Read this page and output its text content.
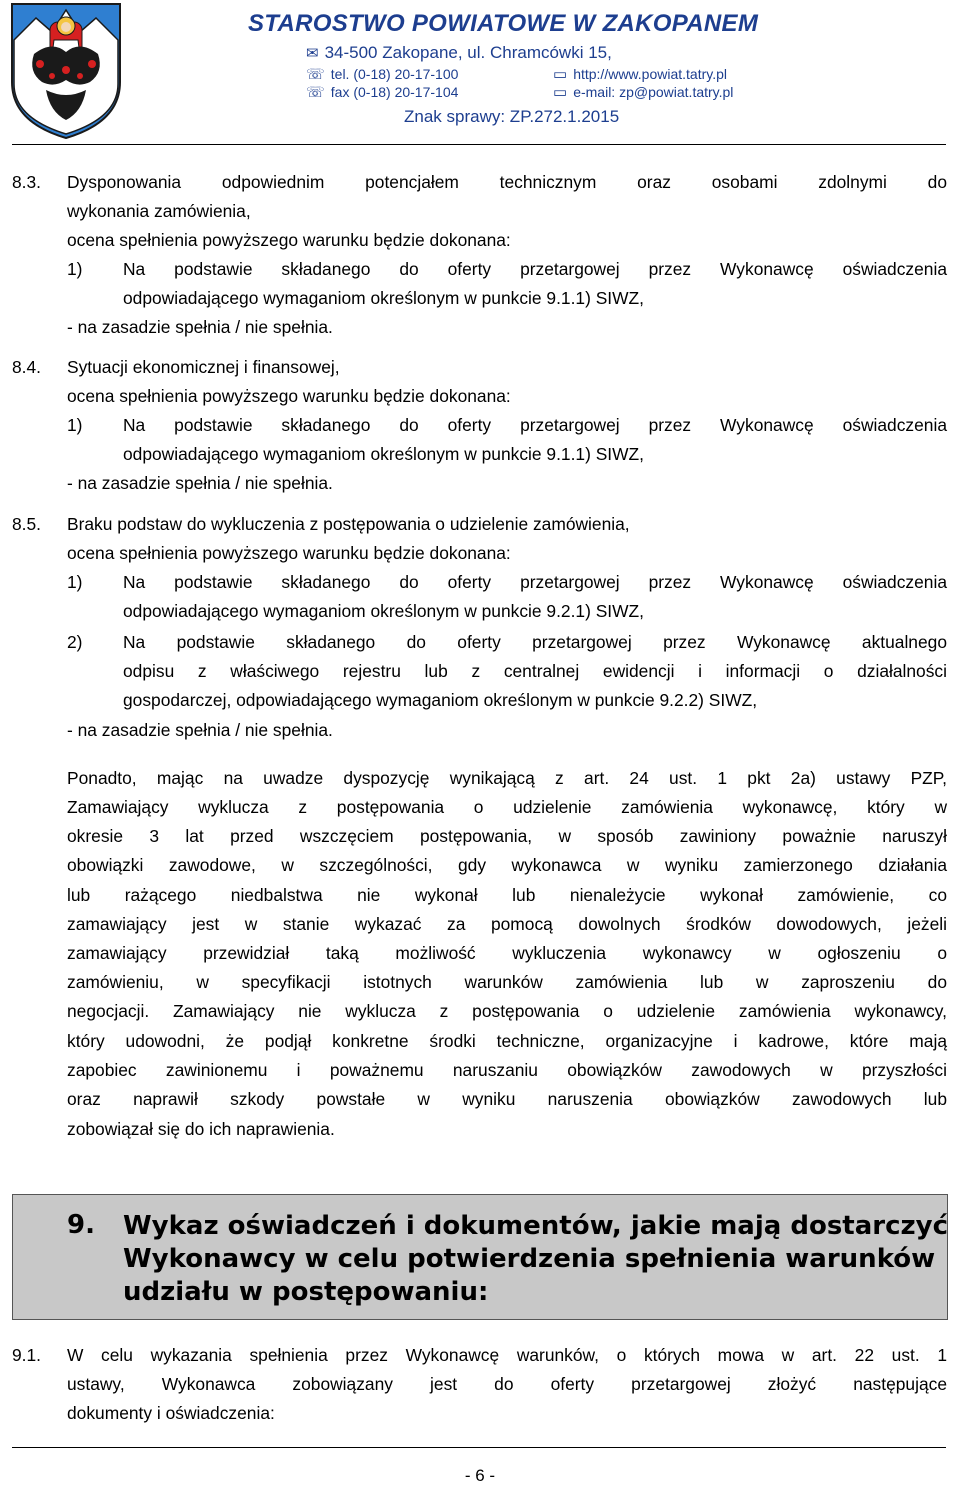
STAROSTWO POWIATOWE W ZAKOPANEM
✉ 34-500 Zakopane, ul. Chramcówki 15,
☏ tel. (0-18) 20-17-100
☏ fax (0-18) 20-17-104
▭ http://www.powiat.tatry.pl
▭ e-mail: zp@powiat.tatry.pl
Znak sprawy: ZP.272.1.2015
8.3. Dysponowania odpowiednim potencjałem technicznym oraz osobami zdolnymi do
wykonania zamówienia,
ocena spełnienia powyższego warunku będzie dokonana:
1) Na podstawie składanego do oferty przetargowej przez Wykonawcę oświadczenia
odpowiadającego wymaganiom określonym w punkcie 9.1.1) SIWZ,
- na zasadzie spełnia / nie spełnia.
8.4. Sytuacji ekonomicznej i finansowej,
ocena spełnienia powyższego warunku będzie dokonana:
1) Na podstawie składanego do oferty przetargowej przez Wykonawcę oświadczenia
odpowiadającego wymaganiom określonym w punkcie 9.1.1) SIWZ,
- na zasadzie spełnia / nie spełnia.
8.5. Braku podstaw do wykluczenia z postępowania o udzielenie zamówienia,
ocena spełnienia powyższego warunku będzie dokonana:
1) Na podstawie składanego do oferty przetargowej przez Wykonawcę oświadczenia
odpowiadającego wymaganiom określonym w punkcie 9.2.1) SIWZ,
2) Na podstawie składanego do oferty przetargowej przez Wykonawcę aktualnego
odpisu z właściwego rejestru lub z centralnej ewidencji i informacji o działalności
gospodarczej, odpowiadającego wymaganiom określonym w punkcie 9.2.2) SIWZ,
- na zasadzie spełnia / nie spełnia.
Ponadto, mając na uwadze dyspozycję wynikającą z art. 24 ust. 1 pkt 2a) ustawy PZP,
Zamawiający wyklucza z postępowania o udzielenie zamówienia wykonawcę, który w
okresie 3 lat przed wszczęciem postępowania, w sposób zawiniony poważnie naruszył
obowiązki zawodowe, w szczególności, gdy wykonawca w wyniku zamierzonego działania
lub rażącego niedbalstwa nie wykonał lub nienależycie wykonał zamówienie, co
zamawiający jest w stanie wykazać za pomocą dowolnych środków dowodowych, jeżeli
zamawiający przewidział taką możliwość wykluczenia wykonawcy w ogłoszeniu o
zamówieniu, w specyfikacji istotnych warunków zamówienia lub w zaproszeniu do
negocjacji. Zamawiający nie wyklucza z postępowania o udzielenie zamówienia wykonawcy,
który udowodni, że podjął konkretne środki techniczne, organizacyjne i kadrowe, które mają
zapobiec zawinionemu i poważnemu naruszaniu obowiązków zawodowych w przyszłości
oraz naprawił szkody powstałe w wyniku naruszenia obowiązków zawodowych lub
zobowiązał się do ich naprawienia.
9. Wykaz oświadczeń i dokumentów, jakie mają dostarczyć
Wykonawcy w celu potwierdzenia spełnienia warunków
udziału w postępowaniu:
9.1. W celu wykazania spełnienia przez Wykonawcę warunków, o których mowa w art. 22 ust. 1
ustawy, Wykonawca zobowiązany jest do oferty przetargowej złożyć następujące
dokumenty i oświadczenia:
- 6 -
